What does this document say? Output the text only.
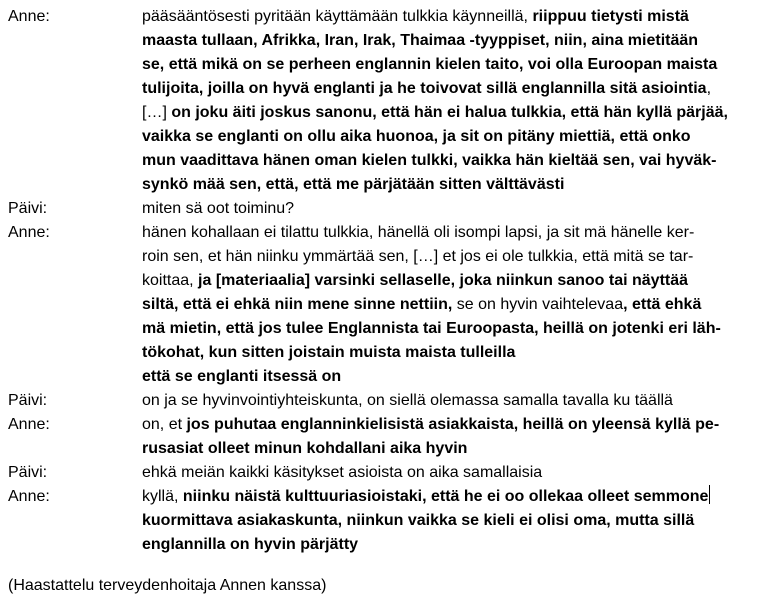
Anne:	pääsääntösesti pyritään käyttämään tulkkia käynneillä, riippuu tietysti mistä
maasta tullaan, Afrikka, Iran, Irak, Thaimaa -tyyppiset, niin, aina mietitään
se, että mikä on se perheen englannin kielen taito, voi olla Euroopan maista
tulijoita, joilla on hyvä englanti ja he toivovat sillä englannilla sitä asiointia,
[…] on joku äiti joskus sanonu, että hän ei halua tulkkia, että hän kyllä pärjää,
vaikka se englanti on ollu aika huonoa, ja sit on pitäny miettiä, että onko
mun vaadittava hänen oman kielen tulkki, vaikka hän kieltää sen, vai hyväk-
synkö mää sen, että, että me pärjätään sitten välttävästi
Päivi:	miten sä oot toiminu?
Anne:	hänen kohallaan ei tilattu tulkkia, hänellä oli isompi lapsi, ja sit mä hänelle ker-
roin sen, et hän niinku ymmärtää sen, […] et jos ei ole tulkkia, että mitä se tar-
koittaa, ja [materiaalia] varsinki sellaselle, joka niinkun sanoo tai näyttää
siltä, että ei ehkä niin mene sinne nettiin, se on hyvin vaihtelevaa, että ehkä
mä mietin, että jos tulee Englannista tai Euroopasta, heillä on jotenki eri läh-
tökohat, kun sitten joistain muista maista tulleilla
että se englanti itsessä on
Päivi:	on ja se hyvinvointiyhteiskunta, on siellä olemassa samalla tavalla ku täällä
Anne:	on, et jos puhutaa englanninkielisistä asiakkaista, heillä on yleensä kyllä pe-
rusasiat olleet minun kohdallani aika hyvin
Päivi:	ehkä meiän kaikki käsitykset asioista on aika samallaisia
Anne:	kyllä, niinku näistä kulttuuriasioistaki, että he ei oo ollekaa olleet semmone
kuormittava asiakaskunta, niinkun vaikka se kieli ei olisi oma, mutta sillä
englannilla on hyvin pärjätty
(Haastattelu terveydenhoitaja Annen kanssa)
